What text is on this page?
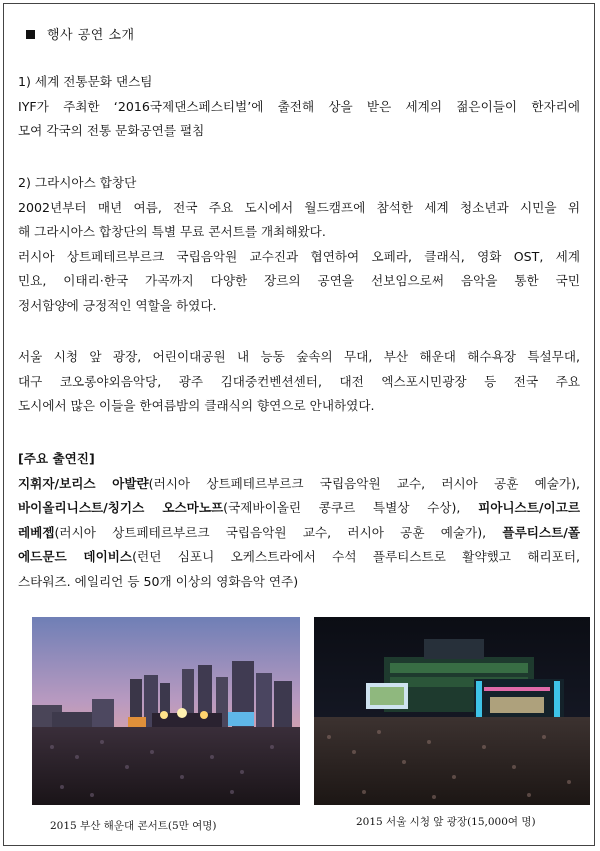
행사 공연 소개
1) 세계 전통문화 댄스팀
IYF가 주최한 ‘2016국제댄스페스티벌’에 출전해 상을 받은 세계의 젊은이들이 한자리에
모여 각국의 전통 문화공연를 펼침
2) 그라시아스 합창단
2002년부터 매년 여름, 전국 주요 도시에서 월드캠프에 참석한 세계 청소년과 시민을 위
해 그라시아스 합창단의 특별 무료 콘서트를 개최해왔다.
러시아 상트페테르부르크 국립음악원 교수진과 협연하여 오페라, 클래식, 영화 OST, 세계
민요, 이태리·한국 가곡까지 다양한 장르의 공연을 선보임으로써 음악을 통한 국민
정서함양에 긍정적인 역할을 하였다.
서울 시청 앞 광장, 어린이대공원 내 능동 숲속의 무대, 부산 해운대 해수욕장 특설무대,
대구 코오롱야외음악당, 광주 김대중컨벤션센터, 대전 엑스포시민광장 등 전국 주요
도시에서 많은 이들을 한여름밤의 클래식의 향연으로 안내하였다.
[주요 출연진]
지휘자/보리스 아발랸(러시아 상트페테르부르크 국립음악원 교수, 러시아 공훈 예술가),
바이올리니스트/칭기스 오스마노프(국제바이올린 콩쿠르 특별상 수상), 피아니스트/이고르
레베젭(러시아 상트페테르부르크 국립음악원 교수, 러시아 공훈 예술가), 플루티스트/폴
에드문드 데이비스(런던 심포니 오케스트라에서 수석 플루티스트로 활약했고 해리포터,
스타워즈. 에일리언 등 50개 이상의 영화음악 연주)
2015 부산 해운대 콘서트(5만 여명)	2015 서울 시청 앞 광장(15,000여 명)
